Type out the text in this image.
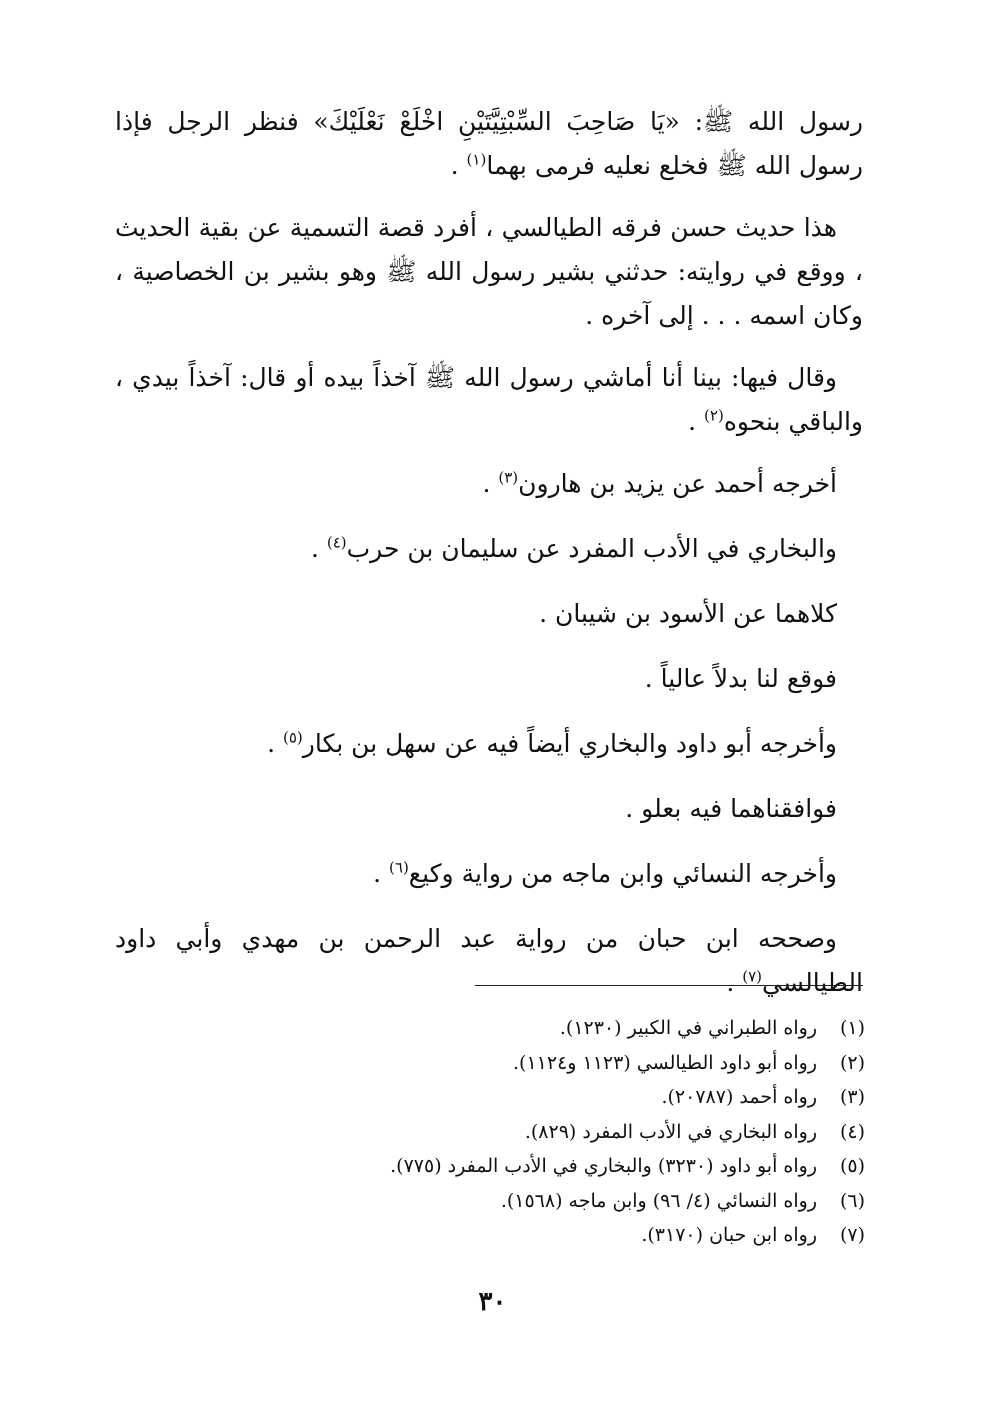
رسول الله ﷺ: «يَا صَاحِبَ السِّبْتِيَّتَيْنِ اخْلَعْ نَعْلَيْكَ» فنظر الرجل فإذا رسول الله ﷺ فخلع نعليه فرمى بهما$^{(١)}$ .

هذا حديث حسن فرقه الطيالسي ، أفرد قصة التسمية عن بقية الحديث ، ووقع في روايته: حدثني بشير رسول الله ﷺ وهو بشير بن الخصاصية ، وكان اسمه . . . إلى آخره .

وقال فيها: بينا أنا أماشي رسول الله ﷺ آخذاً بيده أو قال: آخذاً بيدي ، والباقي بنحوه$^{(٢)}$ .

أخرجه أحمد عن يزيد بن هارون$^{(٣)}$ .

والبخاري في الأدب المفرد عن سليمان بن حرب$^{(٤)}$ .

كلاهما عن الأسود بن شيبان .

فوقع لنا بدلاً عالياً .

وأخرجه أبو داود والبخاري أيضاً فيه عن سهل بن بكار$^{(٥)}$ .

فوافقناهما فيه بعلو .

وأخرجه النسائي وابن ماجه من رواية وكيع$^{(٦)}$ .

وصححه ابن حبان من رواية عبد الرحمن بن مهدي وأبي داود الطيالسي$^{(٧)}$ .

(١)
رواه الطبراني في الكبير (١٢٣٠).
(٢)
رواه أبو داود الطيالسي (١١٢٣ و١١٢٤).
(٣)
رواه أحمد (٢٠٧٨٧).
(٤)
رواه البخاري في الأدب المفرد (٨٢٩).
(٥)
رواه أبو داود (٣٢٣٠) والبخاري في الأدب المفرد (٧٧٥).
(٦)
رواه النسائي (٤/ ٩٦) وابن ماجه (١٥٦٨).
(٧)
رواه ابن حبان (٣١٧٠).
٣٠
